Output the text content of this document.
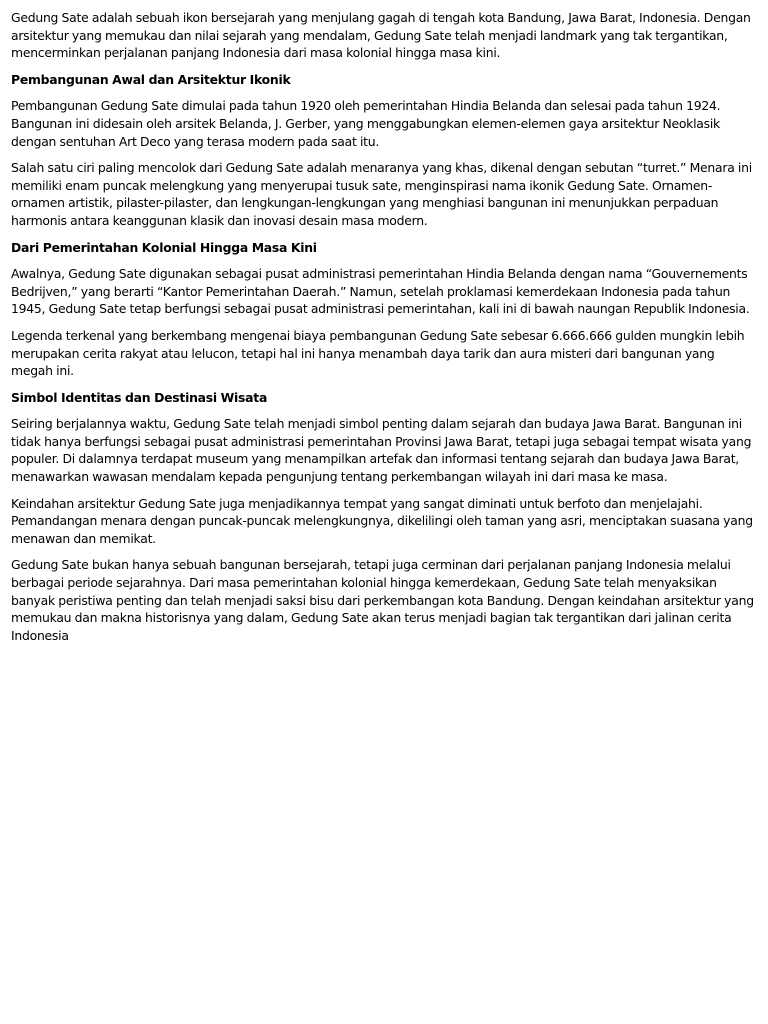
Gedung Sate adalah sebuah ikon bersejarah yang menjulang gagah di tengah kota Bandung, Jawa Barat, Indonesia. Dengan arsitektur yang memukau dan nilai sejarah yang mendalam, Gedung Sate telah menjadi landmark yang tak tergantikan, mencerminkan perjalanan panjang Indonesia dari masa kolonial hingga masa kini.

Pembangunan Awal dan Arsitektur Ikonik

Pembangunan Gedung Sate dimulai pada tahun 1920 oleh pemerintahan Hindia Belanda dan selesai pada tahun 1924. Bangunan ini didesain oleh arsitek Belanda, J. Gerber, yang menggabungkan elemen-elemen gaya arsitektur Neoklasik dengan sentuhan Art Deco yang terasa modern pada saat itu.

Salah satu ciri paling mencolok dari Gedung Sate adalah menaranya yang khas, dikenal dengan sebutan “turret.” Menara ini memiliki enam puncak melengkung yang menyerupai tusuk sate, menginspirasi nama ikonik Gedung Sate. Ornamen-ornamen artistik, pilaster-pilaster, dan lengkungan-lengkungan yang menghiasi bangunan ini menunjukkan perpaduan harmonis antara keanggunan klasik dan inovasi desain masa modern.

Dari Pemerintahan Kolonial Hingga Masa Kini

Awalnya, Gedung Sate digunakan sebagai pusat administrasi pemerintahan Hindia Belanda dengan nama “Gouvernements Bedrijven,” yang berarti “Kantor Pemerintahan Daerah.” Namun, setelah proklamasi kemerdekaan Indonesia pada tahun 1945, Gedung Sate tetap berfungsi sebagai pusat administrasi pemerintahan, kali ini di bawah naungan Republik Indonesia.

Legenda terkenal yang berkembang mengenai biaya pembangunan Gedung Sate sebesar 6.666.666 gulden mungkin lebih merupakan cerita rakyat atau lelucon, tetapi hal ini hanya menambah daya tarik dan aura misteri dari bangunan yang megah ini.

Simbol Identitas dan Destinasi Wisata

Seiring berjalannya waktu, Gedung Sate telah menjadi simbol penting dalam sejarah dan budaya Jawa Barat. Bangunan ini tidak hanya berfungsi sebagai pusat administrasi pemerintahan Provinsi Jawa Barat, tetapi juga sebagai tempat wisata yang populer. Di dalamnya terdapat museum yang menampilkan artefak dan informasi tentang sejarah dan budaya Jawa Barat, menawarkan wawasan mendalam kepada pengunjung tentang perkembangan wilayah ini dari masa ke masa.

Keindahan arsitektur Gedung Sate juga menjadikannya tempat yang sangat diminati untuk berfoto dan menjelajahi. Pemandangan menara dengan puncak-puncak melengkungnya, dikelilingi oleh taman yang asri, menciptakan suasana yang menawan dan memikat.

Gedung Sate bukan hanya sebuah bangunan bersejarah, tetapi juga cerminan dari perjalanan panjang Indonesia melalui berbagai periode sejarahnya. Dari masa pemerintahan kolonial hingga kemerdekaan, Gedung Sate telah menyaksikan banyak peristiwa penting dan telah menjadi saksi bisu dari perkembangan kota Bandung. Dengan keindahan arsitektur yang memukau dan makna historisnya yang dalam, Gedung Sate akan terus menjadi bagian tak tergantikan dari jalinan cerita Indonesia
